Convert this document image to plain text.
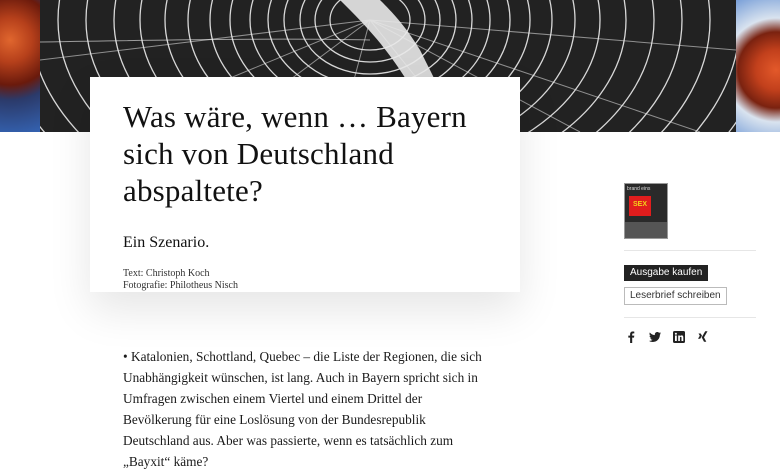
Was wäre, wenn … Bayern sich von Deutschland abspaltete?

Ein Szenario.

Text: Christoph Koch
Fotografie: Philotheus Nisch

• Katalonien, Schottland, Quebec – die Liste der Regionen, die sich Unabhängigkeit wünschen, ist lang. Auch in Bayern spricht sich in Umfragen zwischen einem Viertel und einem Drittel der Bevölkerung für eine Loslösung von der Bundesrepublik Deutschland aus. Aber was passierte, wenn es tatsächlich zum „Bayxit“ käme?

brand eins
SEX
Ausgabe kaufen
Leserbrief schreiben
